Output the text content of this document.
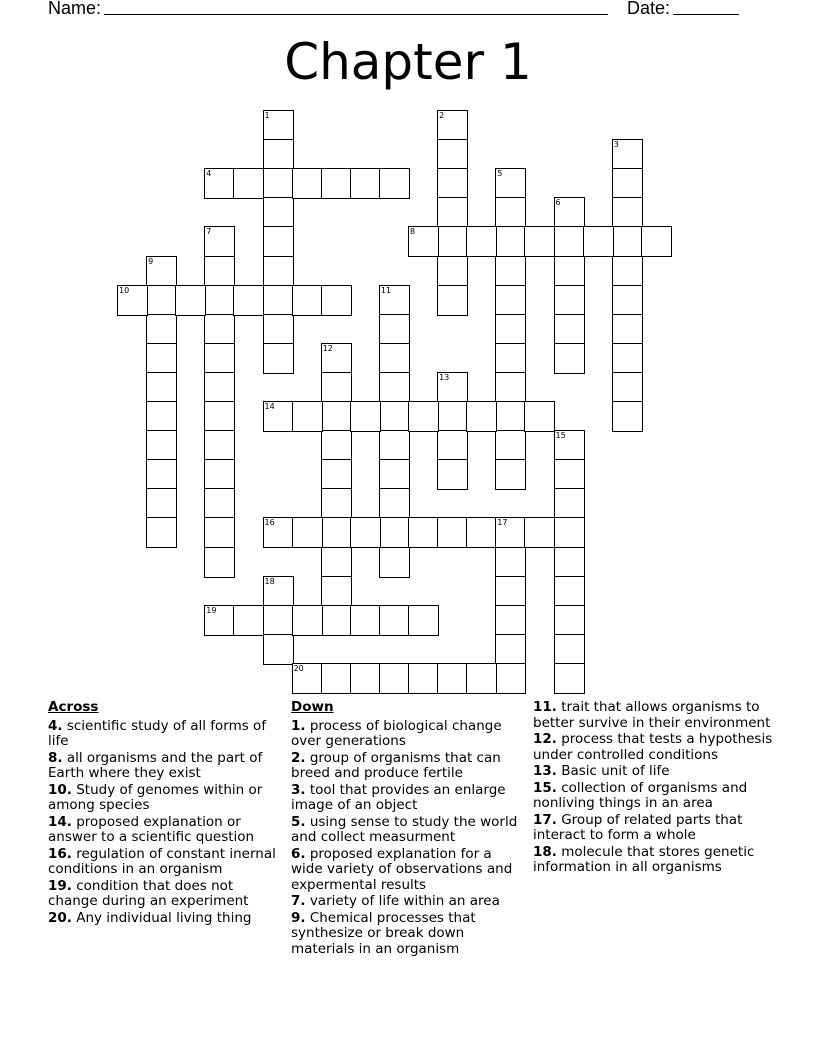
Name:	Date:
Chapter 1
1	2
3
4	5
6
7	8
9
10	11
12
13
14
15
16	17
18
19
20
Across
4. scientific study of all forms of life
8. all organisms and the part of Earth where they exist
10. Study of genomes within or among species
14. proposed explanation or answer to a scientific question
16. regulation of constant inernal conditions in an organism
19. condition that does not change during an experiment
20. Any individual living thing
Down
1. process of biological change over generations
2. group of organisms that can breed and produce fertile
3. tool that provides an enlarge image of an object
5. using sense to study the world and collect measurment
6. proposed explanation for a wide variety of observations and expermental results
7. variety of life within an area
9. Chemical processes that synthesize or break down materials in an organism
11. trait that allows organisms to better survive in their environment
12. process that tests a hypothesis under controlled conditions
13. Basic unit of life
15. collection of organisms and nonliving things in an area
17. Group of related parts that interact to form a whole
18. molecule that stores genetic information in all organisms
